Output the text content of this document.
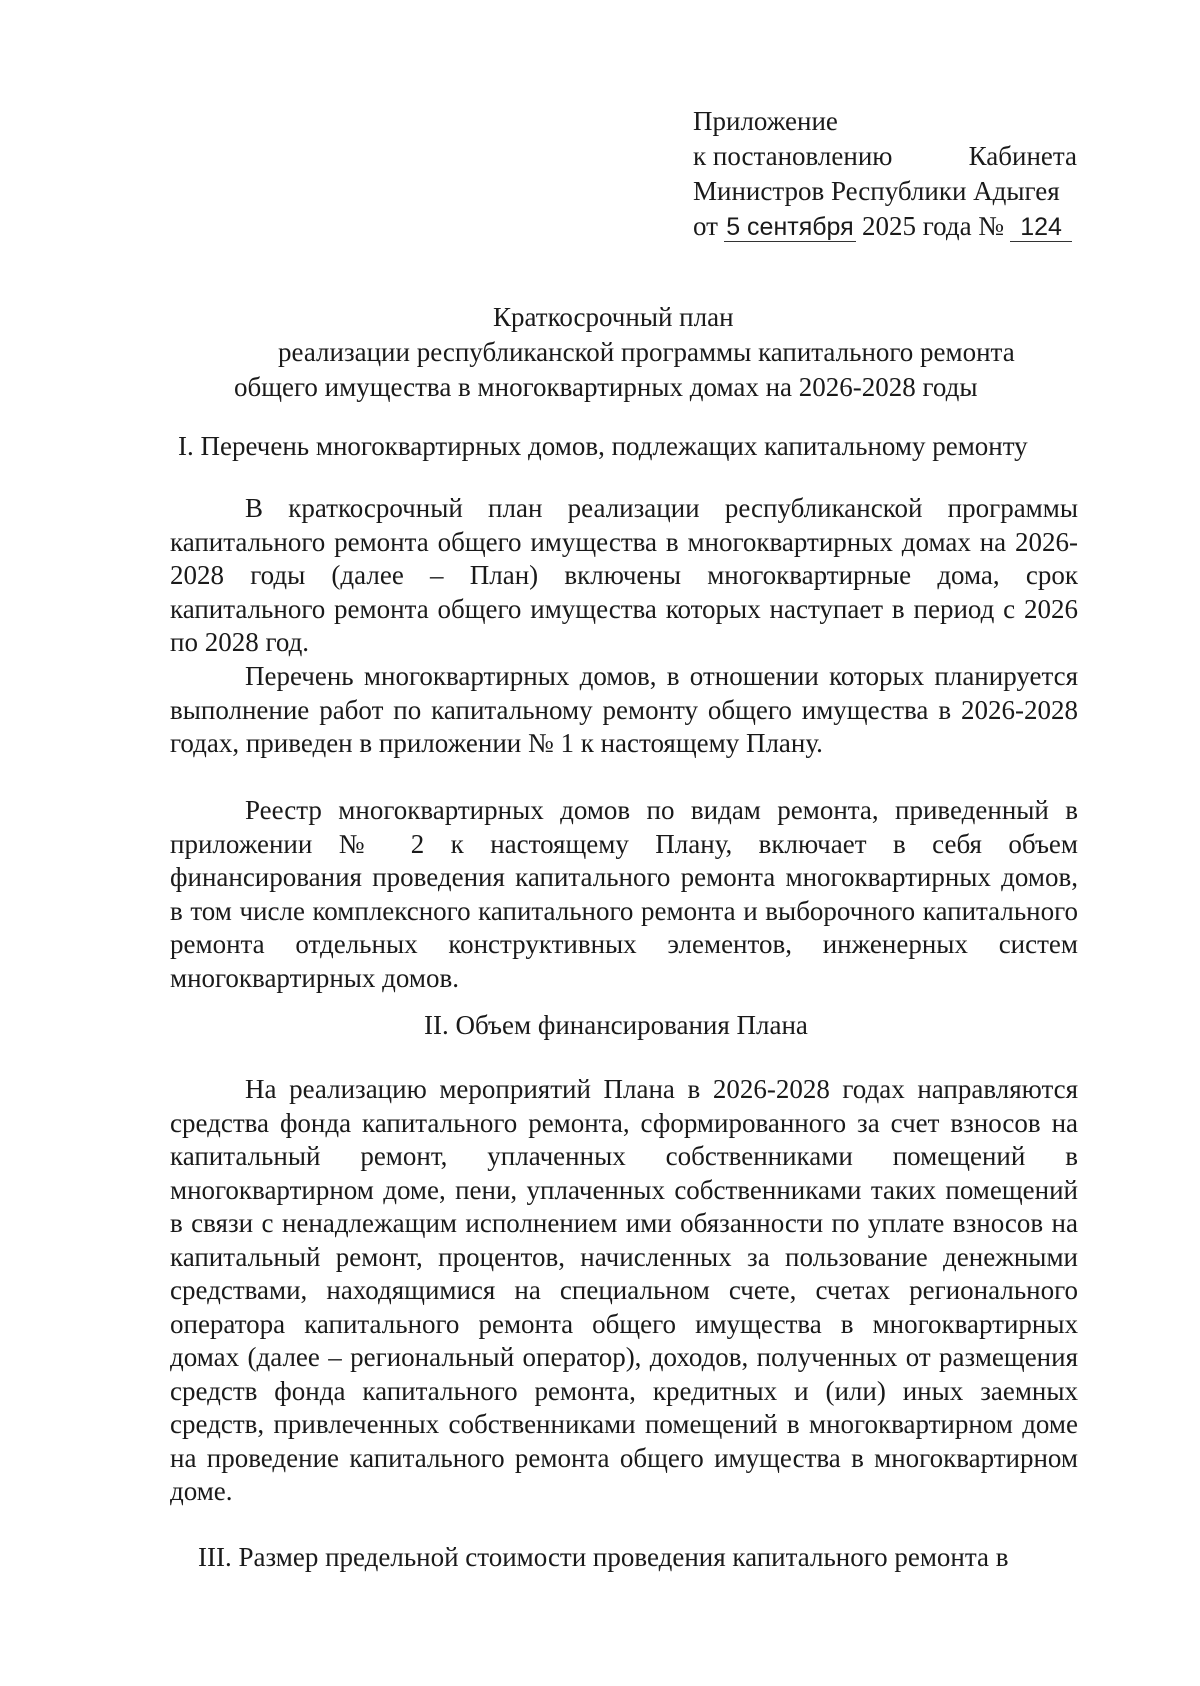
Приложение
к постановлению	Кабинета
Министров Республики Адыгея
от 5 сентября 2025 года № 124
Краткосрочный план
реализации республиканской программы капитального ремонта
общего имущества в многоквартирных домах на 2026-2028 годы
I. Перечень многоквартирных домов, подлежащих капитальному ремонту

В краткосрочный план реализации республиканской программы капитального ремонта общего имущества в многоквартирных домах на 2026-2028 годы (далее – План) включены многоквартирные дома, срок капитального ремонта общего имущества которых наступает в период с 2026 по 2028 год.

Перечень многоквартирных домов, в отношении которых планируется выполнение работ по капитальному ремонту общего имущества в 2026-2028 годах, приведен в приложении № 1 к настоящему Плану.

Реестр многоквартирных домов по видам ремонта, приведенный в приложении № 2 к настоящему Плану, включает в себя объем финансирования проведения капитального ремонта многоквартирных домов, в том числе комплексного капитального ремонта и выборочного капитального ремонта отдельных конструктивных элементов, инженерных систем многоквартирных домов.

II. Объем финансирования Плана

На реализацию мероприятий Плана в 2026-2028 годах направляются средства фонда капитального ремонта, сформированного за счет взносов на капитальный ремонт, уплаченных собственниками помещений в многоквартирном доме, пени, уплаченных собственниками таких помещений в связи с ненадлежащим исполнением ими обязанности по уплате взносов на капитальный ремонт, процентов, начисленных за пользование денежными средствами, находящимися на специальном счете, счетах регионального оператора капитального ремонта общего имущества в многоквартирных домах (далее – региональный оператор), доходов, полученных от размещения средств фонда капитального ремонта, кредитных и (или) иных заемных средств, привлеченных собственниками помещений в многоквартирном доме на проведение капитального ремонта общего имущества в многоквартирном доме.

III. Размер предельной стоимости проведения капитального ремонта в
